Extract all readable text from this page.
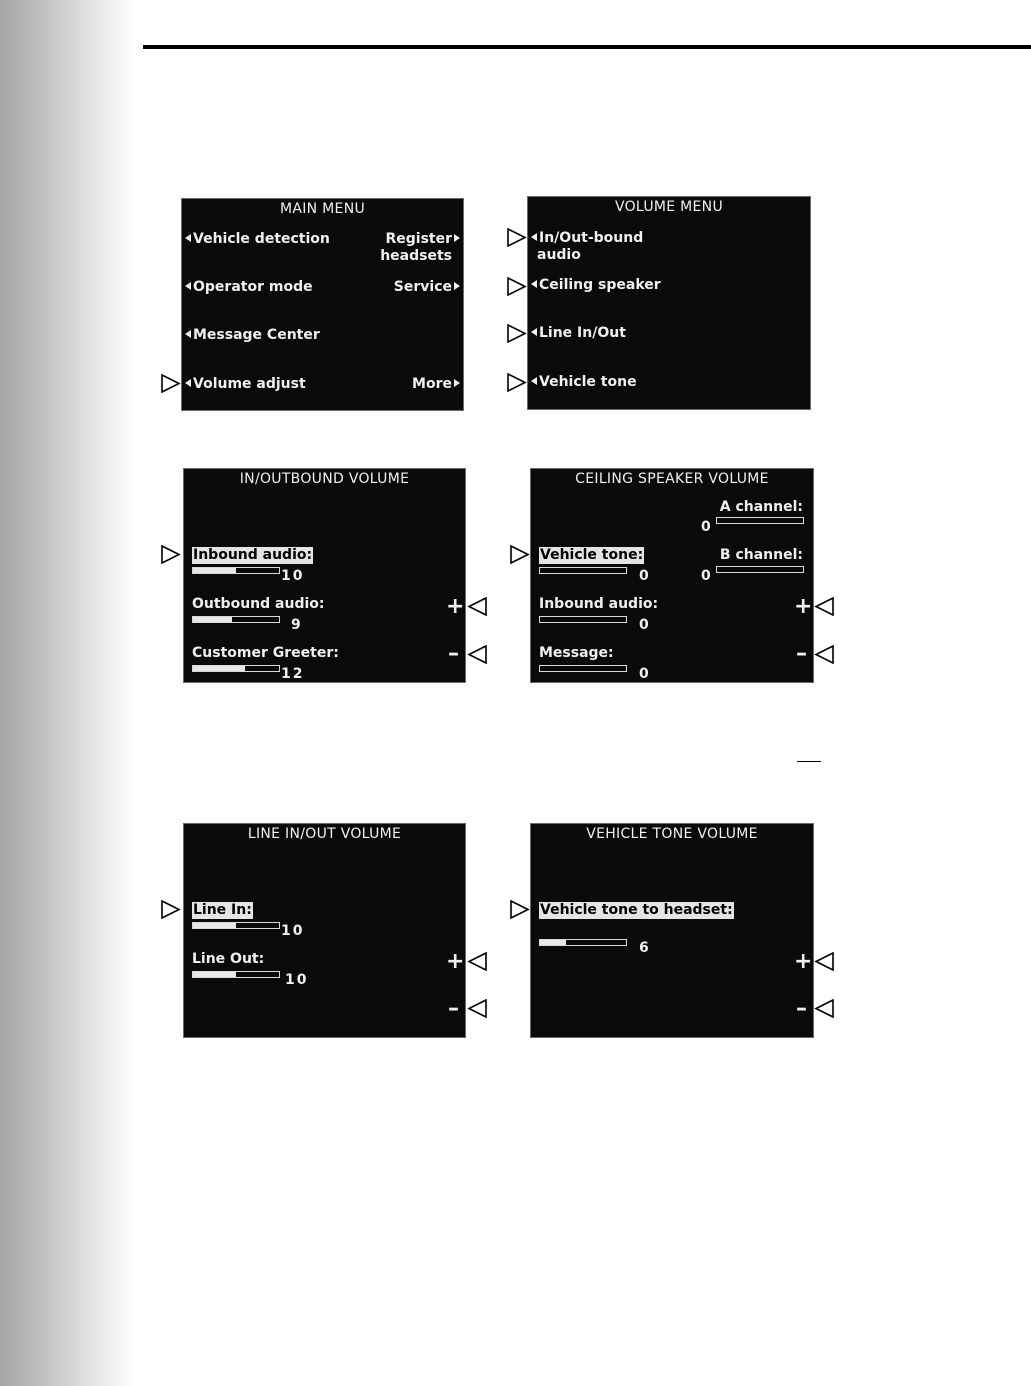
MAIN MENU
Vehicle detection
Operator mode
Message Center
Volume adjust
Register
headsets
Service
More
VOLUME MENU
In/Out-bound
audio
Ceiling speaker
Line In/Out
Vehicle tone
IN/OUTBOUND VOLUME
Inbound audio:
10
Outbound audio:
9
Customer Greeter:
12
+
–
CEILING SPEAKER VOLUME
A channel:
0
B channel:
0
Vehicle tone:
0
Inbound audio:
0
Message:
0
+
–
LINE IN/OUT VOLUME
Line In:
10
Line Out:
10
+
–
VEHICLE TONE VOLUME
Vehicle tone to headset:
6
+
–
